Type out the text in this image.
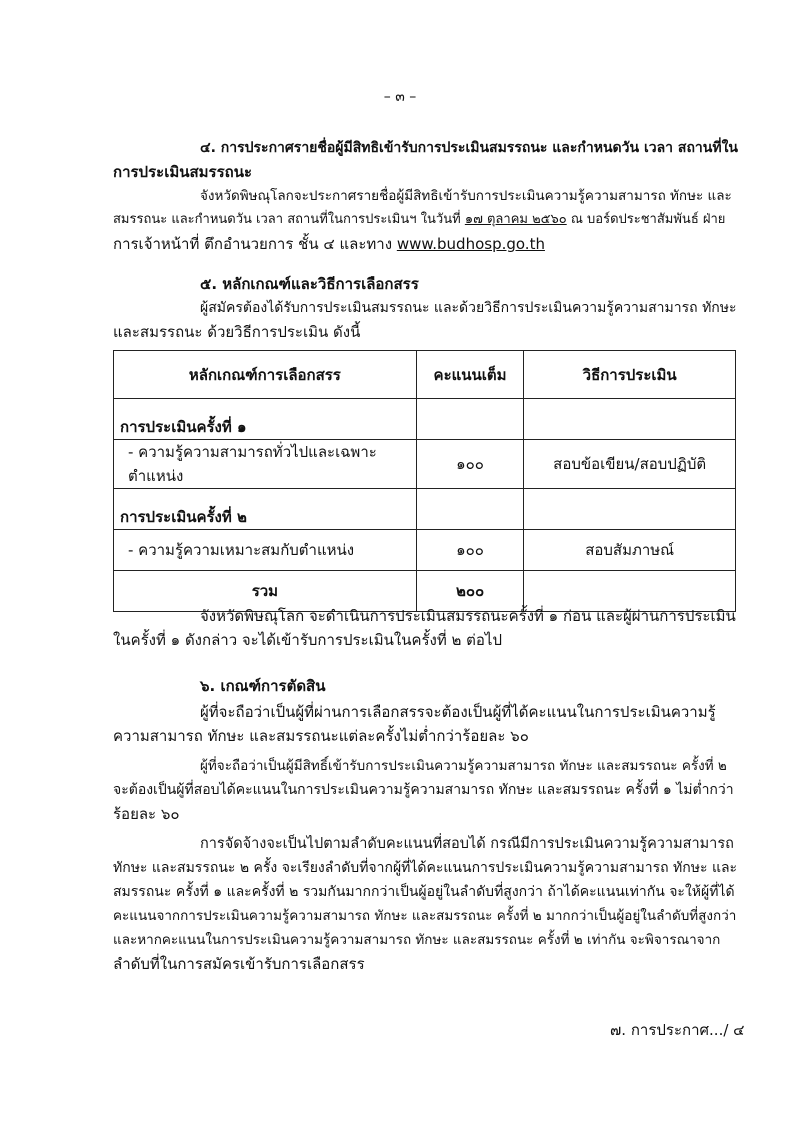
– ๓ –
๔. การประกาศรายชื่อผู้มีสิทธิเข้ารับการประเมินสมรรถนะ และกำหนดวัน เวลา สถานที่ใน
การประเมินสมรรถนะ
จังหวัดพิษณุโลกจะประกาศรายชื่อผู้มีสิทธิเข้ารับการประเมินความรู้ความสามารถ ทักษะ และ
สมรรถนะ และกำหนดวัน เวลา สถานที่ในการประเมินฯ ในวันที่ ๑๗ ตุลาคม ๒๕๖๐ ณ บอร์ดประชาสัมพันธ์ ฝ่าย
การเจ้าหน้าที่ ตึกอำนวยการ ชั้น ๔ และทาง www.budhosp.go.th
๕. หลักเกณฑ์และวิธีการเลือกสรร
ผู้สมัครต้องได้รับการประเมินสมรรถนะ และด้วยวิธีการประเมินความรู้ความสามารถ ทักษะ
และสมรรถนะ ด้วยวิธีการประเมิน ดังนี้
หลักเกณฑ์การเลือกสรร	คะแนนเต็ม	วิธีการประเมิน
การประเมินครั้งที่ ๑		
- ความรู้ความสามารถทั่วไปและเฉพาะตำแหน่ง	๑๐๐	สอบข้อเขียน/สอบปฏิบัติ
การประเมินครั้งที่ ๒		
- ความรู้ความเหมาะสมกับตำแหน่ง	๑๐๐	สอบสัมภาษณ์
รวม	๒๐๐	
จังหวัดพิษณุโลก จะดำเนินการประเมินสมรรถนะครั้งที่ ๑ ก่อน และผู้ผ่านการประเมิน
ในครั้งที่ ๑ ดังกล่าว จะได้เข้ารับการประเมินในครั้งที่ ๒ ต่อไป
๖. เกณฑ์การตัดสิน
ผู้ที่จะถือว่าเป็นผู้ที่ผ่านการเลือกสรรจะต้องเป็นผู้ที่ได้คะแนนในการประเมินความรู้
ความสามารถ ทักษะ และสมรรถนะแต่ละครั้งไม่ต่ำกว่าร้อยละ ๖๐
ผู้ที่จะถือว่าเป็นผู้มีสิทธิ์เข้ารับการประเมินความรู้ความสามารถ ทักษะ และสมรรถนะ ครั้งที่ ๒
จะต้องเป็นผู้ที่สอบได้คะแนนในการประเมินความรู้ความสามารถ ทักษะ และสมรรถนะ ครั้งที่ ๑ ไม่ต่ำกว่า
ร้อยละ ๖๐
การจัดจ้างจะเป็นไปตามลำดับคะแนนที่สอบได้ กรณีมีการประเมินความรู้ความสามารถ
ทักษะ และสมรรถนะ ๒ ครั้ง จะเรียงลำดับที่จากผู้ที่ได้คะแนนการประเมินความรู้ความสามารถ ทักษะ และ
สมรรถนะ ครั้งที่ ๑ และครั้งที่ ๒ รวมกันมากกว่าเป็นผู้อยู่ในลำดับที่สูงกว่า ถ้าได้คะแนนเท่ากัน จะให้ผู้ที่ได้
คะแนนจากการประเมินความรู้ความสามารถ ทักษะ และสมรรถนะ ครั้งที่ ๒ มากกว่าเป็นผู้อยู่ในลำดับที่สูงกว่า
และหากคะแนนในการประเมินความรู้ความสามารถ ทักษะ และสมรรถนะ ครั้งที่ ๒ เท่ากัน จะพิจารณาจาก
ลำดับที่ในการสมัครเข้ารับการเลือกสรร
๗. การประกาศ.../ ๔
